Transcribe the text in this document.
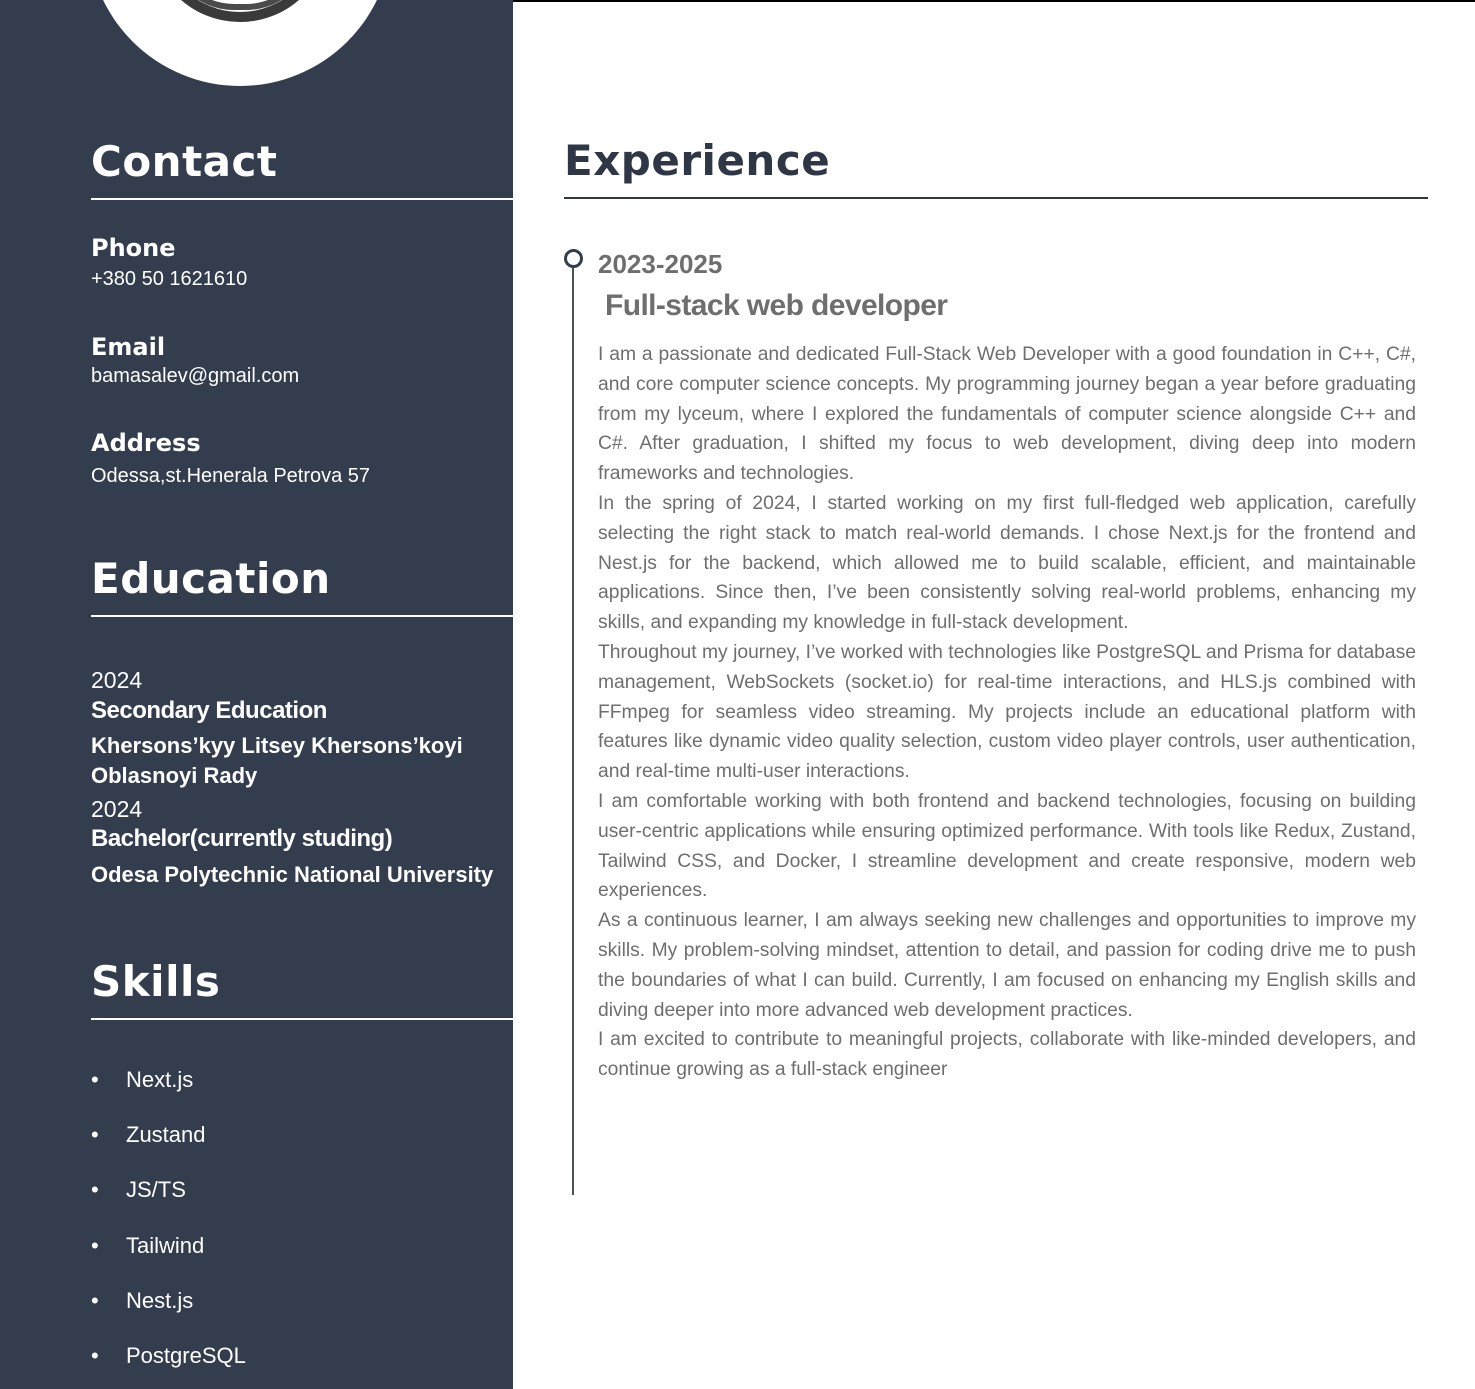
Contact
Phone
+380 50 1621610
Email
bamasalev@gmail.com
Address
Odessa,st.Henerala Petrova 57
Education
2024
Secondary Education
Khersons’kyy Litsey Khersons’koyi Oblasnoyi Rady
2024
Bachelor(currently studing)
Odesa Polytechnic National University
Skills
•	Next.js
•	Zustand
•	JS/TS
•	Tailwind
•	Nest.js
•	PostgreSQL
Experience
2023-2025
Full-stack web developer

I am a passionate and dedicated Full-Stack Web Developer with a good foundation in C++, C#, and core computer science concepts. My programming journey began a year before graduating from my lyceum, where I explored the fundamentals of computer science alongside C++ and C#. After graduation, I shifted my focus to web development, diving deep into modern frameworks and technologies.

In the spring of 2024, I started working on my first full-fledged web application, carefully selecting the right stack to match real-world demands. I chose Next.js for the frontend and Nest.js for the backend, which allowed me to build scalable, efficient, and maintainable applications. Since then, I’ve been consistently solving real-world problems, enhancing my skills, and expanding my knowledge in full-stack development.

Throughout my journey, I’ve worked with technologies like PostgreSQL and Prisma for database management, WebSockets (socket.io) for real-time interactions, and HLS.js combined with FFmpeg for seamless video streaming. My projects include an educational platform with features like dynamic video quality selection, custom video player controls, user authentication, and real-time multi-user interactions.

I am comfortable working with both frontend and backend technologies, focusing on building user-centric applications while ensuring optimized performance. With tools like Redux, Zustand, Tailwind CSS, and Docker, I streamline development and create responsive, modern web experiences.

As a continuous learner, I am always seeking new challenges and opportunities to improve my skills. My problem-solving mindset, attention to detail, and passion for coding drive me to push the boundaries of what I can build. Currently, I am focused on enhancing my English skills and diving deeper into more advanced web development practices.

I am excited to contribute to meaningful projects, collaborate with like-minded developers, and continue growing as a full-stack engineer
